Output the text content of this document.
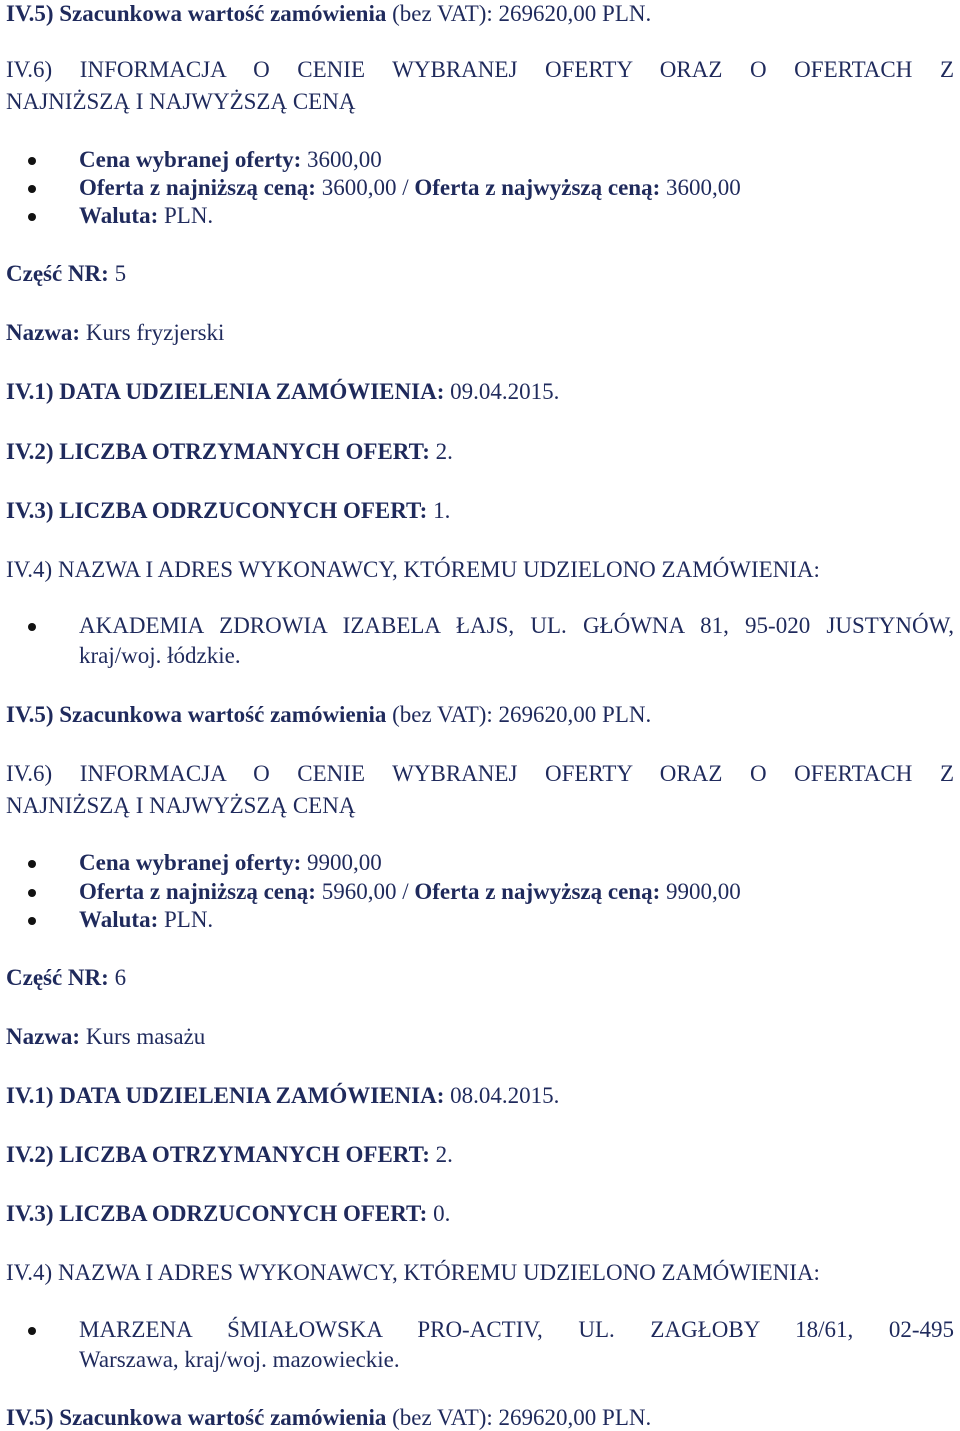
IV.5) Szacunkowa wartość zamówienia (bez VAT): 269620,00 PLN.
IV.6) INFORMACJA O CENIE WYBRANEJ OFERTY ORAZ O OFERTACH Z
NAJNIŻSZĄ I NAJWYŻSZĄ CENĄ
Cena wybranej oferty: 3600,00
Oferta z najniższą ceną: 3600,00 / Oferta z najwyższą ceną: 3600,00
Waluta: PLN.
Część NR: 5
Nazwa: Kurs fryzjerski
IV.1) DATA UDZIELENIA ZAMÓWIENIA: 09.04.2015.
IV.2) LICZBA OTRZYMANYCH OFERT: 2.
IV.3) LICZBA ODRZUCONYCH OFERT: 1.
IV.4) NAZWA I ADRES WYKONAWCY, KTÓREMU UDZIELONO ZAMÓWIENIA:
AKADEMIA ZDROWIA IZABELA ŁAJS, UL. GŁÓWNA 81, 95-020 JUSTYNÓW,
kraj/woj. łódzkie.
IV.5) Szacunkowa wartość zamówienia (bez VAT): 269620,00 PLN.
IV.6) INFORMACJA O CENIE WYBRANEJ OFERTY ORAZ O OFERTACH Z
NAJNIŻSZĄ I NAJWYŻSZĄ CENĄ
Cena wybranej oferty: 9900,00
Oferta z najniższą ceną: 5960,00 / Oferta z najwyższą ceną: 9900,00
Waluta: PLN.
Część NR: 6
Nazwa: Kurs masażu
IV.1) DATA UDZIELENIA ZAMÓWIENIA: 08.04.2015.
IV.2) LICZBA OTRZYMANYCH OFERT: 2.
IV.3) LICZBA ODRZUCONYCH OFERT: 0.
IV.4) NAZWA I ADRES WYKONAWCY, KTÓREMU UDZIELONO ZAMÓWIENIA:
MARZENA ŚMIAŁOWSKA PRO-ACTIV, UL. ZAGŁOBY 18/61, 02-495
Warszawa, kraj/woj. mazowieckie.
IV.5) Szacunkowa wartość zamówienia (bez VAT): 269620,00 PLN.
